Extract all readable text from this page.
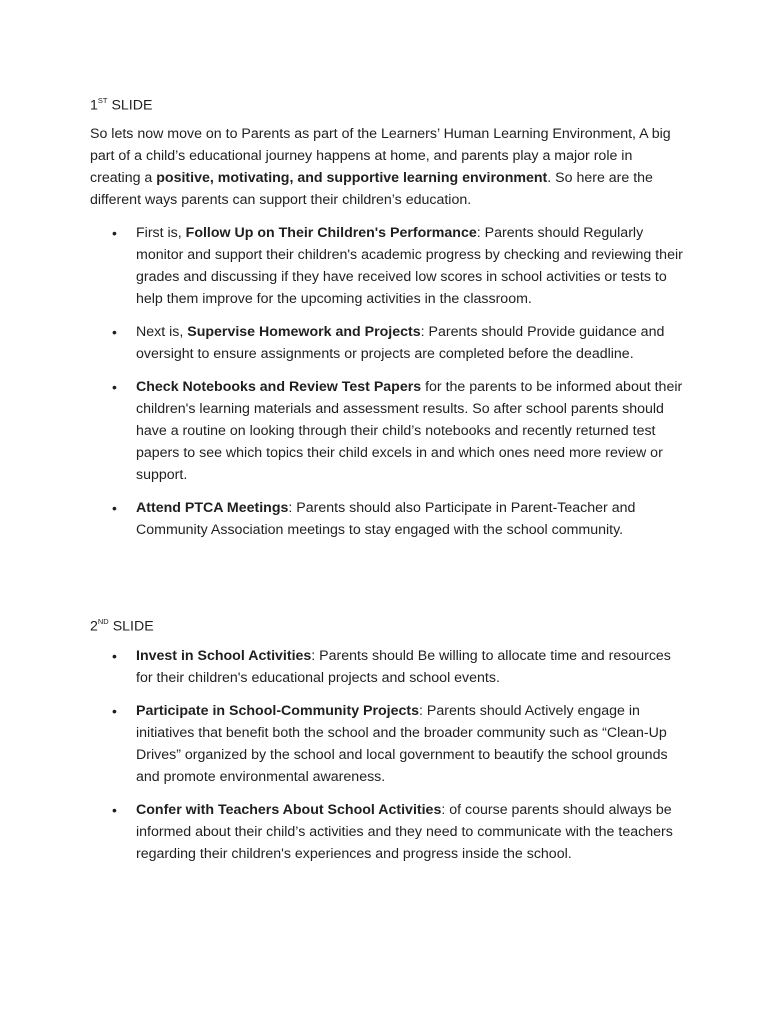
1ST SLIDE

So lets now move on to Parents as part of the Learners’ Human Learning Environment, A big part of a child’s educational journey happens at home, and parents play a major role in creating a positive, motivating, and supportive learning environment. So here are the different ways parents can support their children’s education.

• First is, Follow Up on Their Children's Performance: Parents should Regularly monitor and support their children's academic progress by checking and reviewing their grades and discussing if they have received low scores in school activities or tests to help them improve for the upcoming activities in the classroom.
• Next is, Supervise Homework and Projects: Parents should Provide guidance and oversight to ensure assignments or projects are completed before the deadline.
• Check Notebooks and Review Test Papers for the parents to be informed about their children's learning materials and assessment results. So after school parents should have a routine on looking through their child’s notebooks and recently returned test papers to see which topics their child excels in and which ones need more review or support.
• Attend PTCA Meetings: Parents should also Participate in Parent-Teacher and Community Association meetings to stay engaged with the school community.
2ND SLIDE
• Invest in School Activities: Parents should Be willing to allocate time and resources for their children's educational projects and school events.
• Participate in School-Community Projects: Parents should Actively engage in initiatives that benefit both the school and the broader community such as “Clean-Up Drives” organized by the school and local government to beautify the school grounds and promote environmental awareness.
• Confer with Teachers About School Activities: of course parents should always be informed about their child’s activities and they need to communicate with the teachers regarding their children's experiences and progress inside the school.
